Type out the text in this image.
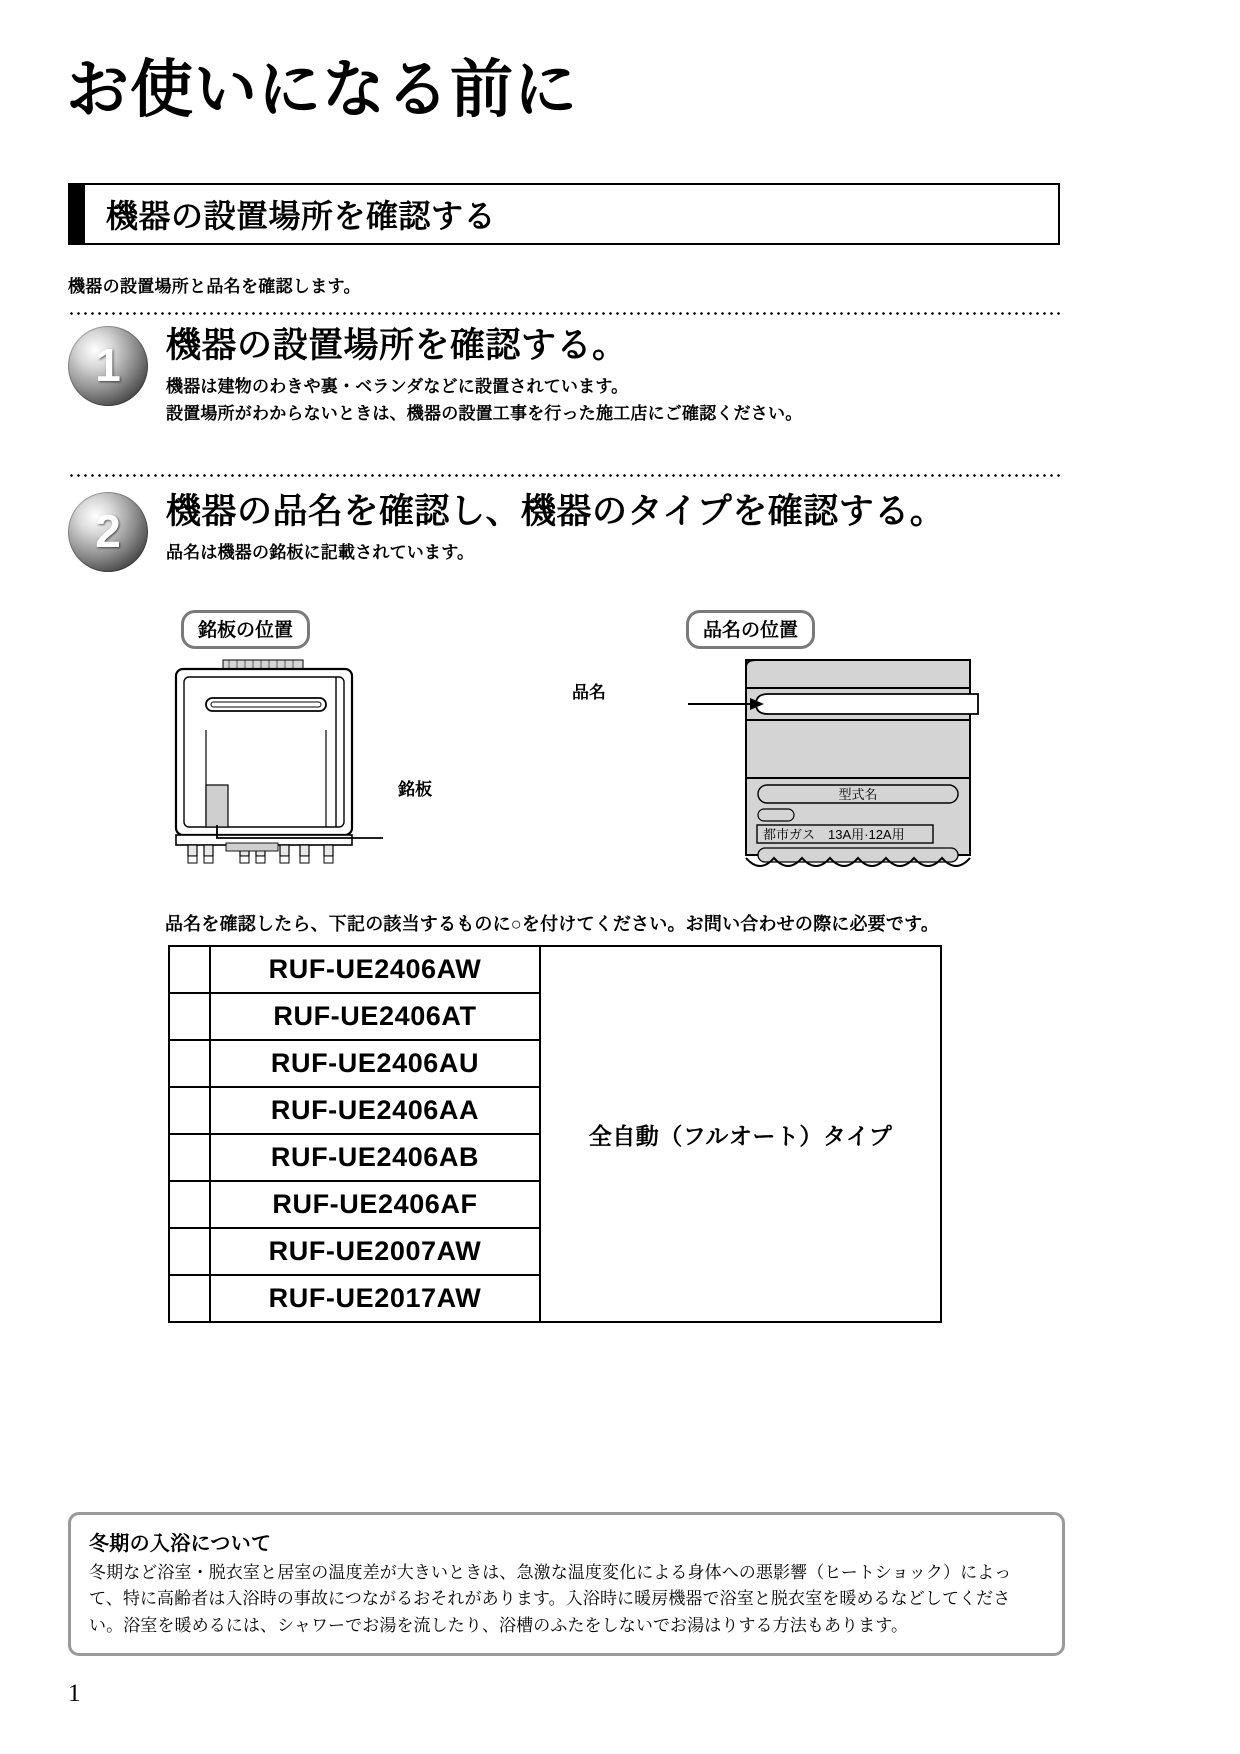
お使いになる前に
機器の設置場所を確認する
機器の設置場所と品名を確認します。
1 機器の設置場所を確認する。
機器は建物のわきや裏・ベランダなどに設置されています。
設置場所がわからないときは、機器の設置工事を行った施工店にご確認ください。
2 機器の品名を確認し、機器のタイプを確認する。
品名は機器の銘板に記載されています。
銘板の位置	品名の位置
銘板	型式名
都市ガス　13A用·12A用
品名
品名を確認したら、下記の該当するものに○を付けてください。お問い合わせの際に必要です。
	RUF-UE2406AW	全自動（フルオート）タイプ
	RUF-UE2406AT	
	RUF-UE2406AU	
	RUF-UE2406AA	
	RUF-UE2406AB	
	RUF-UE2406AF	
	RUF-UE2007AW	
	RUF-UE2017AW	
冬期の入浴について
冬期など浴室・脱衣室と居室の温度差が大きいときは、急激な温度変化による身体への悪影響（ヒートショック）によって、特に高齢者は入浴時の事故につながるおそれがあります。入浴時に暖房機器で浴室と脱衣室を暖めるなどしてください。浴室を暖めるには、シャワーでお湯を流したり、浴槽のふたをしないでお湯はりする方法もあります。
1
